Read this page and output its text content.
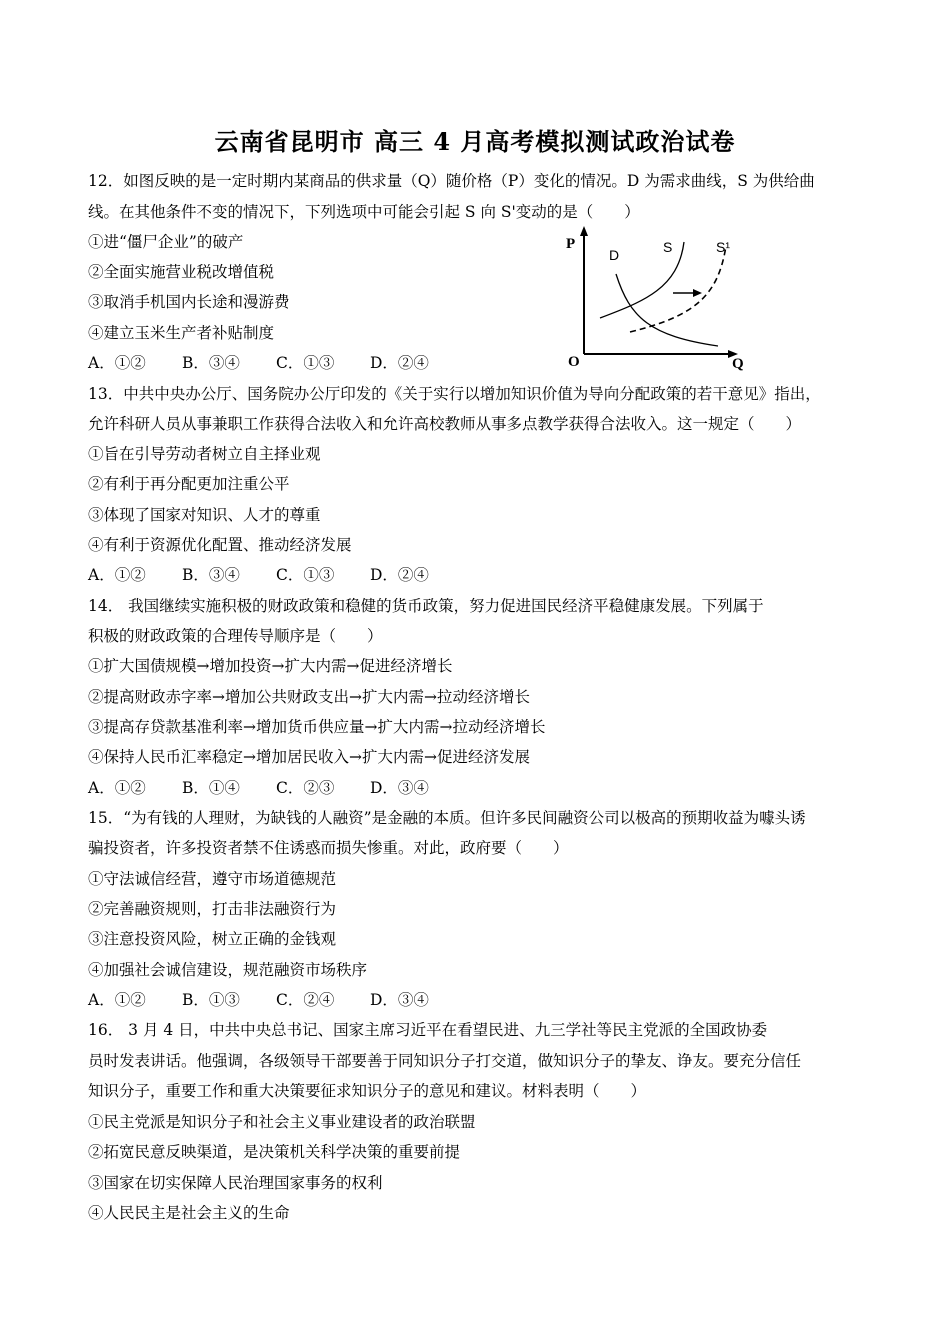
云南省昆明市 高三 4 月高考模拟测试政治试卷
12．如图反映的是一定时期内某商品的供求量（Q）随价格（P）变化的情况。D 为需求曲线，S 为供给曲
线。在其他条件不变的情况下，下列选项中可能会引起 S 向 S'变动的是（　　）
①进“僵尸企业”的破产
②全面实施营业税改增值税
③取消手机国内长途和漫游费
④建立玉米生产者补贴制度
A．①② B．③④ C．①③ D．②④
P
O	Q
D	S	S¹
13．中共中央办公厅、国务院办公厅印发的《关于实行以增加知识价值为导向分配政策的若干意见》指出，
允许科研人员从事兼职工作获得合法收入和允许高校教师从事多点教学获得合法收入。这一规定（　　）
①旨在引导劳动者树立自主择业观
②有利于再分配更加注重公平
③体现了国家对知识、人才的尊重
④有利于资源优化配置、推动经济发展
A．①② B．③④ C．①③ D．②④
14． 我国继续实施积极的财政政策和稳健的货币政策，努力促进国民经济平稳健康发展。下列属于
积极的财政政策的合理传导顺序是（　　）
①扩大国债规模→增加投资→扩大内需→促进经济增长
②提高财政赤字率→增加公共财政支出→扩大内需→拉动经济增长
③提高存贷款基准利率→增加货币供应量→扩大内需→拉动经济增长
④保持人民币汇率稳定→增加居民收入→扩大内需→促进经济发展
A．①② B．①④ C．②③ D．③④
15．“为有钱的人理财，为缺钱的人融资”是金融的本质。但许多民间融资公司以极高的预期收益为噱头诱
骗投资者，许多投资者禁不住诱惑而损失惨重。对此，政府要（　　）
①守法诚信经营，遵守市场道德规范
②完善融资规则，打击非法融资行为
③注意投资风险，树立正确的金钱观
④加强社会诚信建设，规范融资市场秩序
A．①② B．①③ C．②④ D．③④
16． 3 月 4 日，中共中央总书记、国家主席习近平在看望民进、九三学社等民主党派的全国政协委
员时发表讲话。他强调，各级领导干部要善于同知识分子打交道，做知识分子的挚友、诤友。要充分信任
知识分子，重要工作和重大决策要征求知识分子的意见和建议。材料表明（　　）
①民主党派是知识分子和社会主义事业建设者的政治联盟
②拓宽民意反映渠道，是决策机关科学决策的重要前提
③国家在切实保障人民治理国家事务的权利
④人民民主是社会主义的生命
